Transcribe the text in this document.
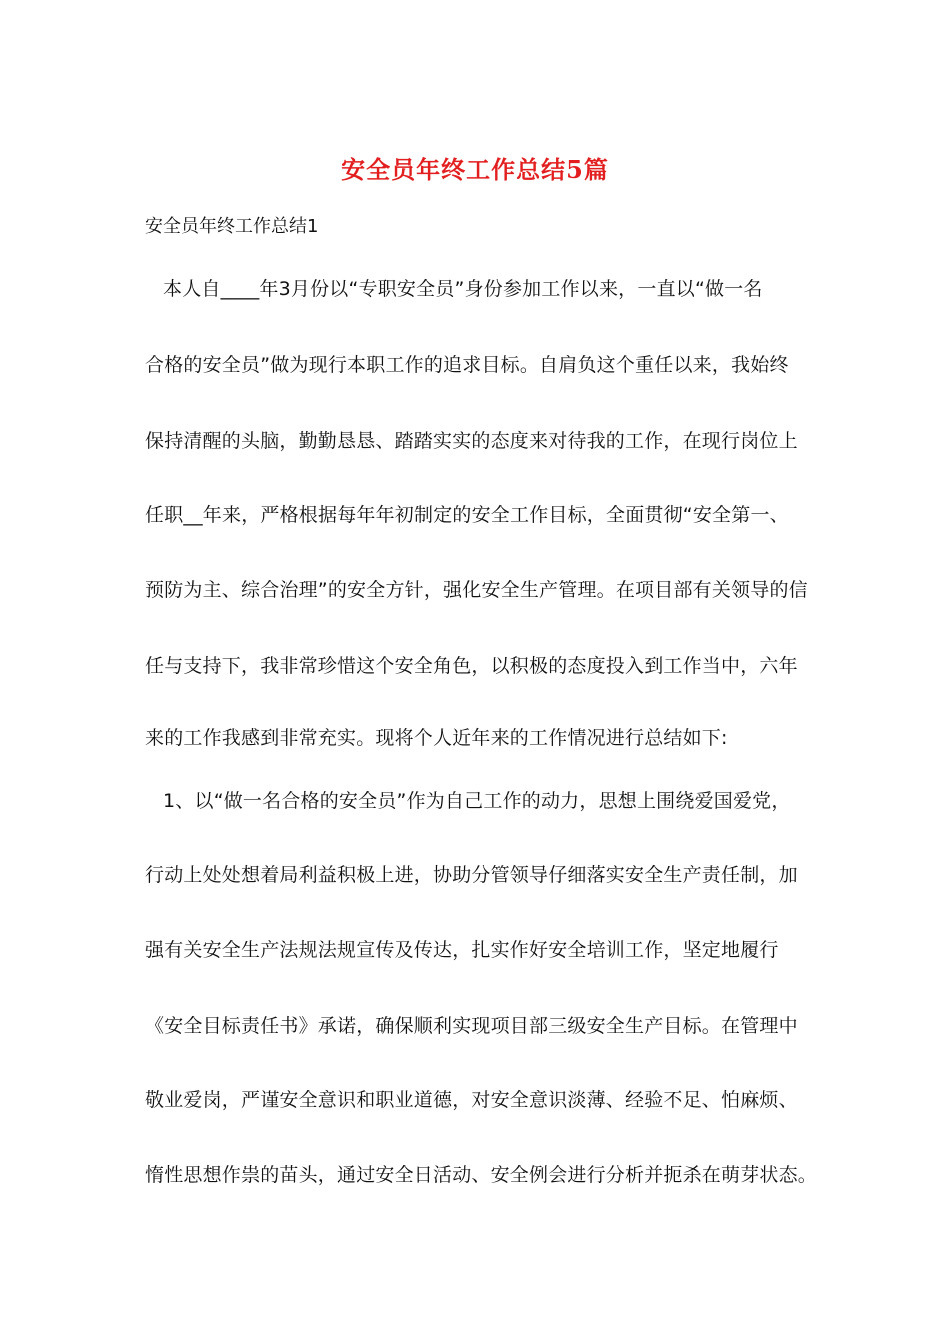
安全员年终工作总结5篇
安全员年终工作总结1
本人自____年3月份以“专职安全员”身份参加工作以来，一直以“做一名
合格的安全员”做为现行本职工作的追求目标。自肩负这个重任以来，我始终
保持清醒的头脑，勤勤恳恳、踏踏实实的态度来对待我的工作，在现行岗位上
任职__年来，严格根据每年年初制定的安全工作目标，全面贯彻“安全第一、
预防为主、综合治理”的安全方针，强化安全生产管理。在项目部有关领导的信
任与支持下，我非常珍惜这个安全角色，以积极的态度投入到工作当中，六年
来的工作我感到非常充实。现将个人近年来的工作情况进行总结如下:
1、以“做一名合格的安全员”作为自己工作的动力，思想上围绕爱国爱党，
行动上处处想着局利益积极上进，协助分管领导仔细落实安全生产责任制，加
强有关安全生产法规法规宣传及传达，扎实作好安全培训工作，坚定地履行
《安全目标责任书》承诺，确保顺利实现项目部三级安全生产目标。在管理中
敬业爱岗，严谨安全意识和职业道德，对安全意识淡薄、经验不足、怕麻烦、
惰性思想作祟的苗头，通过安全日活动、安全例会进行分析并扼杀在萌芽状态。
